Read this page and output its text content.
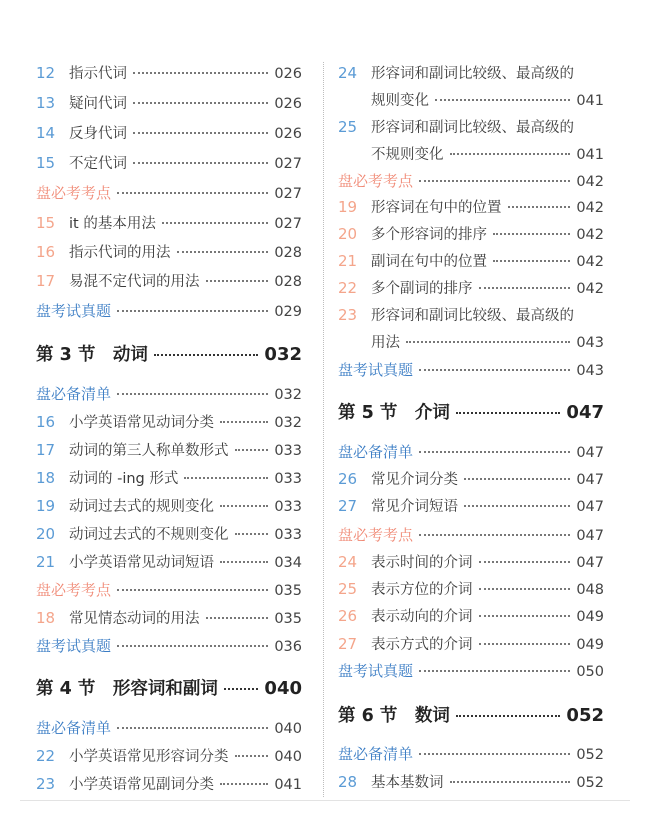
12 指示代词	026
13 疑问代词	026
14 反身代词	026
15 不定代词	027
盘必考考点	027
15 it 的基本用法	027
16 指示代词的用法	028
17 易混不定代词的用法	028
盘考试真题	029
第 3 节　动词	032
盘必备清单	032
16 小学英语常见动词分类	032
17 动词的第三人称单数形式	033
18 动词的 -ing 形式	033
19 动词过去式的规则变化	033
20 动词过去式的不规则变化	033
21 小学英语常见动词短语	034
盘必考考点	035
18 常见情态动词的用法	035
盘考试真题	036
第 4 节　形容词和副词	040
盘必备清单	040
22 小学英语常见形容词分类	040
23 小学英语常见副词分类	041
24 形容词和副词比较级、最高级的
规则变化	041
25 形容词和副词比较级、最高级的
不规则变化	041
盘必考考点	042
19 形容词在句中的位置	042
20 多个形容词的排序	042
21 副词在句中的位置	042
22 多个副词的排序	042
23 形容词和副词比较级、最高级的
用法	043
盘考试真题	043
第 5 节　介词	047
盘必备清单	047
26 常见介词分类	047
27 常见介词短语	047
盘必考考点	047
24 表示时间的介词	047
25 表示方位的介词	048
26 表示动向的介词	049
27 表示方式的介词	049
盘考试真题	050
第 6 节　数词	052
盘必备清单	052
28 基本基数词	052
